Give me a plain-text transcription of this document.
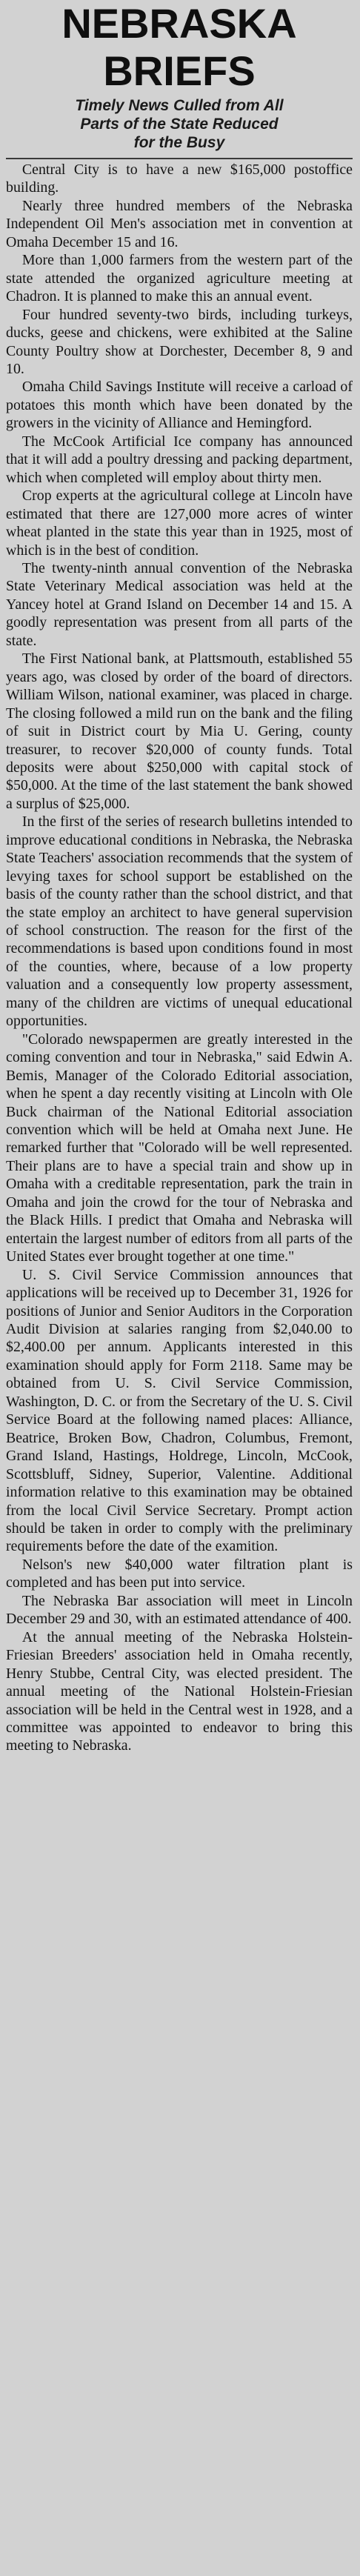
NEBRASKA BRIEFS
Timely News Culled from All
Parts of the State Reduced
for the Busy

Central City is to have a new $165,000 postoffice building.

Nearly three hundred members of the Nebraska Independent Oil Men's association met in convention at Omaha December 15 and 16.

More than 1,000 farmers from the western part of the state attended the organized agriculture meeting at Chadron. It is planned to make this an annual event.

Four hundred seventy-two birds, including turkeys, ducks, geese and chickens, were exhibited at the Saline County Poultry show at Dorchester, December 8, 9 and 10.

Omaha Child Savings Institute will receive a carload of potatoes this month which have been donated by the growers in the vicinity of Alliance and Hemingford.

The McCook Artificial Ice company has announced that it will add a poultry dressing and packing department, which when completed will employ about thirty men.

Crop experts at the agricultural college at Lincoln have estimated that there are 127,000 more acres of winter wheat planted in the state this year than in 1925, most of which is in the best of condition.

The twenty-ninth annual convention of the Nebraska State Veterinary Medical association was held at the Yancey hotel at Grand Island on December 14 and 15. A goodly representation was present from all parts of the state.

The First National bank, at Plattsmouth, established 55 years ago, was closed by order of the board of directors. William Wilson, national examiner, was placed in charge. The closing followed a mild run on the bank and the filing of suit in District court by Mia U. Gering, county treasurer, to recover $20,000 of county funds. Total deposits were about $250,000 with capital stock of $50,000. At the time of the last statement the bank showed a surplus of $25,000.

In the first of the series of research bulletins intended to improve educational conditions in Nebraska, the Nebraska State Teachers' association recommends that the system of levying taxes for school support be established on the basis of the county rather than the school district, and that the state employ an architect to have general supervision of school construction. The reason for the first of the recommendations is based upon conditions found in most of the counties, where, because of a low property valuation and a consequently low property assessment, many of the children are victims of unequal educational opportunities.

"Colorado newspapermen are greatly interested in the coming convention and tour in Nebraska," said Edwin A. Bemis, Manager of the Colorado Editorial association, when he spent a day recently visiting at Lincoln with Ole Buck chairman of the National Editorial association convention which will be held at Omaha next June. He remarked further that "Colorado will be well represented. Their plans are to have a special train and show up in Omaha with a creditable representation, park the train in Omaha and join the crowd for the tour of Nebraska and the Black Hills. I predict that Omaha and Nebraska will entertain the largest number of editors from all parts of the United States ever brought together at one time."

U. S. Civil Service Commission announces that applications will be received up to December 31, 1926 for positions of Junior and Senior Auditors in the Corporation Audit Division at salaries ranging from $2,040.00 to $2,400.00 per annum. Applicants interested in this examination should apply for Form 2118. Same may be obtained from U. S. Civil Service Commission, Washington, D. C. or from the Secretary of the U. S. Civil Service Board at the following named places: Alliance, Beatrice, Broken Bow, Chadron, Columbus, Fremont, Grand Island, Hastings, Holdrege, Lincoln, McCook, Scottsbluff, Sidney, Superior, Valentine. Additional information relative to this examination may be obtained from the local Civil Service Secretary. Prompt action should be taken in order to comply with the preliminary requirements before the date of the examition.

Nelson's new $40,000 water filtration plant is completed and has been put into service.

The Nebraska Bar association will meet in Lincoln December 29 and 30, with an estimated attendance of 400.

At the annual meeting of the Nebraska Holstein-Friesian Breeders' association held in Omaha recently, Henry Stubbe, Central City, was elected president. The annual meeting of the National Holstein-Friesian association will be held in the Central west in 1928, and a committee was appointed to endeavor to bring this meeting to Nebraska.
